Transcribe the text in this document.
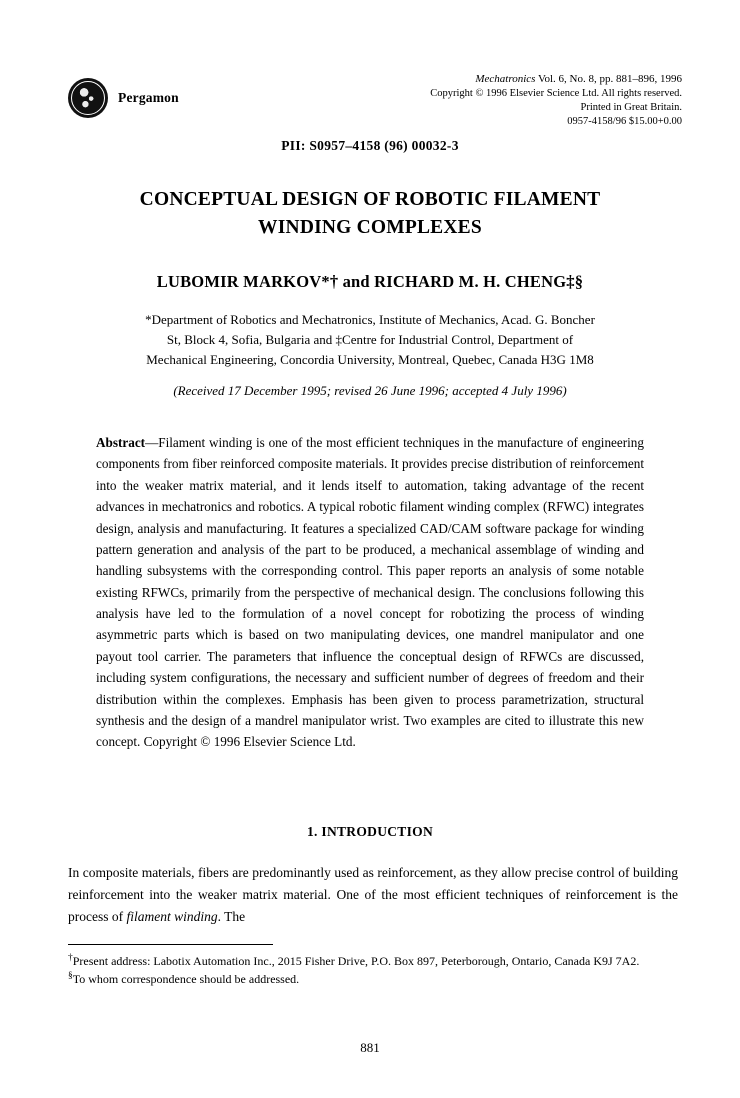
Pergamon
Mechatronics Vol. 6, No. 8, pp. 881–896, 1996
Copyright © 1996 Elsevier Science Ltd. All rights reserved.
Printed in Great Britain.
0957-4158/96 $15.00+0.00
PII: S0957–4158 (96) 00032-3
CONCEPTUAL DESIGN OF ROBOTIC FILAMENT
WINDING COMPLEXES
LUBOMIR MARKOV*† and RICHARD M. H. CHENG‡§
*Department of Robotics and Mechatronics, Institute of Mechanics, Acad. G. Boncher
St, Block 4, Sofia, Bulgaria and ‡Centre for Industrial Control, Department of
Mechanical Engineering, Concordia University, Montreal, Quebec, Canada H3G 1M8
(Received 17 December 1995; revised 26 June 1996; accepted 4 July 1996)
Abstract—Filament winding is one of the most efficient techniques in the manufacture of engineering components from fiber reinforced composite materials. It provides precise distribution of reinforcement into the weaker matrix material, and it lends itself to automation, taking advantage of the recent advances in mechatronics and robotics. A typical robotic filament winding complex (RFWC) integrates design, analysis and manufacturing. It features a specialized CAD/CAM software package for winding pattern generation and analysis of the part to be produced, a mechanical assemblage of winding and handling subsystems with the corresponding control. This paper reports an analysis of some notable existing RFWCs, primarily from the perspective of mechanical design. The conclusions following this analysis have led to the formulation of a novel concept for robotizing the process of winding asymmetric parts which is based on two manipulating devices, one mandrel manipulator and one payout tool carrier. The parameters that influence the conceptual design of RFWCs are discussed, including system configurations, the necessary and sufficient number of degrees of freedom and their distribution within the complexes. Emphasis has been given to process parametrization, structural synthesis and the design of a mandrel manipulator wrist. Two examples are cited to illustrate this new concept. Copyright © 1996 Elsevier Science Ltd.
1. INTRODUCTION
In composite materials, fibers are predominantly used as reinforcement, as they allow precise control of building reinforcement into the weaker matrix material. One of the most efficient techniques of reinforcement is the process of filament winding. The

†Present address: Labotix Automation Inc., 2015 Fisher Drive, P.O. Box 897, Peterborough, Ontario, Canada K9J 7A2.

§To whom correspondence should be addressed.

881
